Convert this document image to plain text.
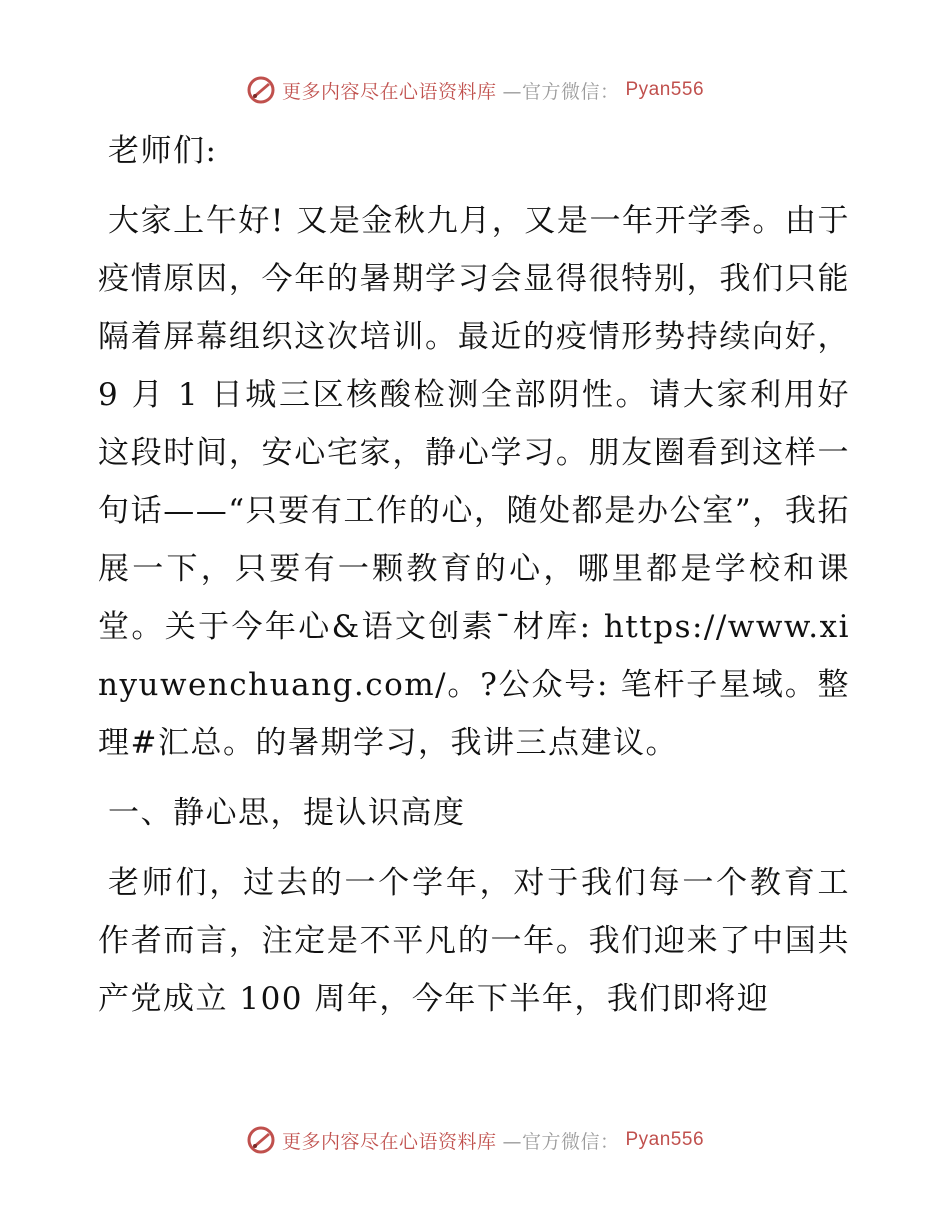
更多内容尽在心语资料库 —官方微信： Pyan556

老师们:

大家上午好! 又是金秋九月，又是一年开学季。由于疫情原因，今年的暑期学习会显得很特别，我们只能隔着屏幕组织这次培训。最近的疫情形势持续向好，9 月 1 日城三区核酸检测全部阴性。请大家利用好这段时间，安心宅家，静心学习。朋友圈看到这样一句话——“只要有工作的心，随处都是办公室”，我拓展一下，只要有一颗教育的心，哪里都是学校和课堂。关于今年心&语文创素¯材库: https://www.xinyuwenchuang.com/。?公众号: 笔杆子星域。整理#汇总。的暑期学习，我讲三点建议。

一、静心思，提认识高度

老师们，过去的一个学年，对于我们每一个教育工作者而言，注定是不平凡的一年。我们迎来了中国共产党成立 100 周年，今年下半年，我们即将迎

更多内容尽在心语资料库 —官方微信： Pyan556
